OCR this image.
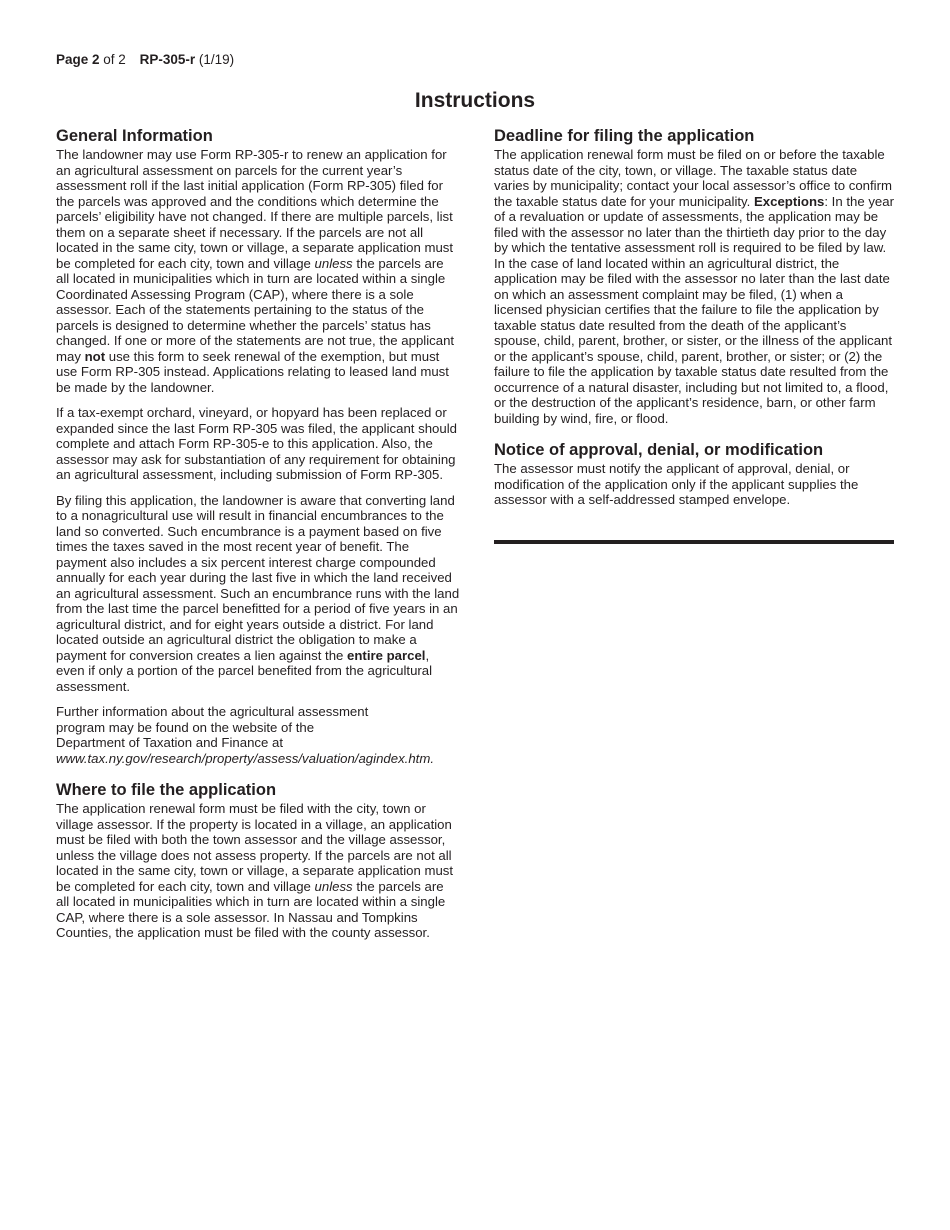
Page 2 of 2 RP-305-r (1/19)
Instructions
General Information

The landowner may use Form RP-305-r to renew an application for an agricultural assessment on parcels for the current year’s assessment roll if the last initial application (Form RP-305) filed for the parcels was approved and the conditions which determine the parcels’ eligibility have not changed. If there are multiple parcels, list them on a separate sheet if necessary. If the parcels are not all located in the same city, town or village, a separate application must be completed for each city, town and village unless the parcels are all located in municipalities which in turn are located within a single Coordinated Assessing Program (CAP), where there is a sole assessor. Each of the statements pertaining to the status of the parcels is designed to determine whether the parcels’ status has changed. If one or more of the statements are not true, the applicant may not use this form to seek renewal of the exemption, but must use Form RP-305 instead. Applications relating to leased land must be made by the landowner.

If a tax-exempt orchard, vineyard, or hopyard has been replaced or expanded since the last Form RP-305 was filed, the applicant should complete and attach Form RP-305-e to this application. Also, the assessor may ask for substantiation of any requirement for obtaining an agricultural assessment, including submission of Form RP-305.

By filing this application, the landowner is aware that converting land to a nonagricultural use will result in financial encumbrances to the land so converted. Such encumbrance is a payment based on five times the taxes saved in the most recent year of benefit. The payment also includes a six percent interest charge compounded annually for each year during the last five in which the land received an agricultural assessment. Such an encumbrance runs with the land from the last time the parcel benefitted for a period of five years in an agricultural district, and for eight years outside a district. For land located outside an agricultural district the obligation to make a payment for conversion creates a lien against the entire parcel, even if only a portion of the parcel benefited from the agricultural assessment.

Further information about the agricultural assessment program may be found on the website of the Department of Taxation and Finance atwww.tax.ny.gov/research/property/assess/valuation/agindex.htm.

Where to file the application

The application renewal form must be filed with the city, town or village assessor. If the property is located in a village, an application must be filed with both the town assessor and the village assessor, unless the village does not assess property. If the parcels are not all located in the same city, town or village, a separate application must be completed for each city, town and village unless the parcels are all located in municipalities which in turn are located within a single CAP, where there is a sole assessor. In Nassau and Tompkins Counties, the application must be filed with the county assessor.

Deadline for filing the application

The application renewal form must be filed on or before the taxable status date of the city, town, or village. The taxable status date varies by municipality; contact your local assessor’s office to confirm the taxable status date for your municipality. Exceptions: In the year of a revaluation or update of assessments, the application may be filed with the assessor no later than the thirtieth day prior to the day by which the tentative assessment roll is required to be filed by law. In the case of land located within an agricultural district, the application may be filed with the assessor no later than the last date on which an assessment complaint may be filed, (1) when a licensed physician certifies that the failure to file the application by taxable status date resulted from the death of the applicant’s spouse, child, parent, brother, or sister, or the illness of the applicant or the applicant’s spouse, child, parent, brother, or sister; or (2) the failure to file the application by taxable status date resulted from the occurrence of a natural disaster, including but not limited to, a flood, or the destruction of the applicant’s residence, barn, or other farm building by wind, fire, or flood.

Notice of approval, denial, or modification

The assessor must notify the applicant of approval, denial, or modification of the application only if the applicant supplies the assessor with a self-addressed stamped envelope.
